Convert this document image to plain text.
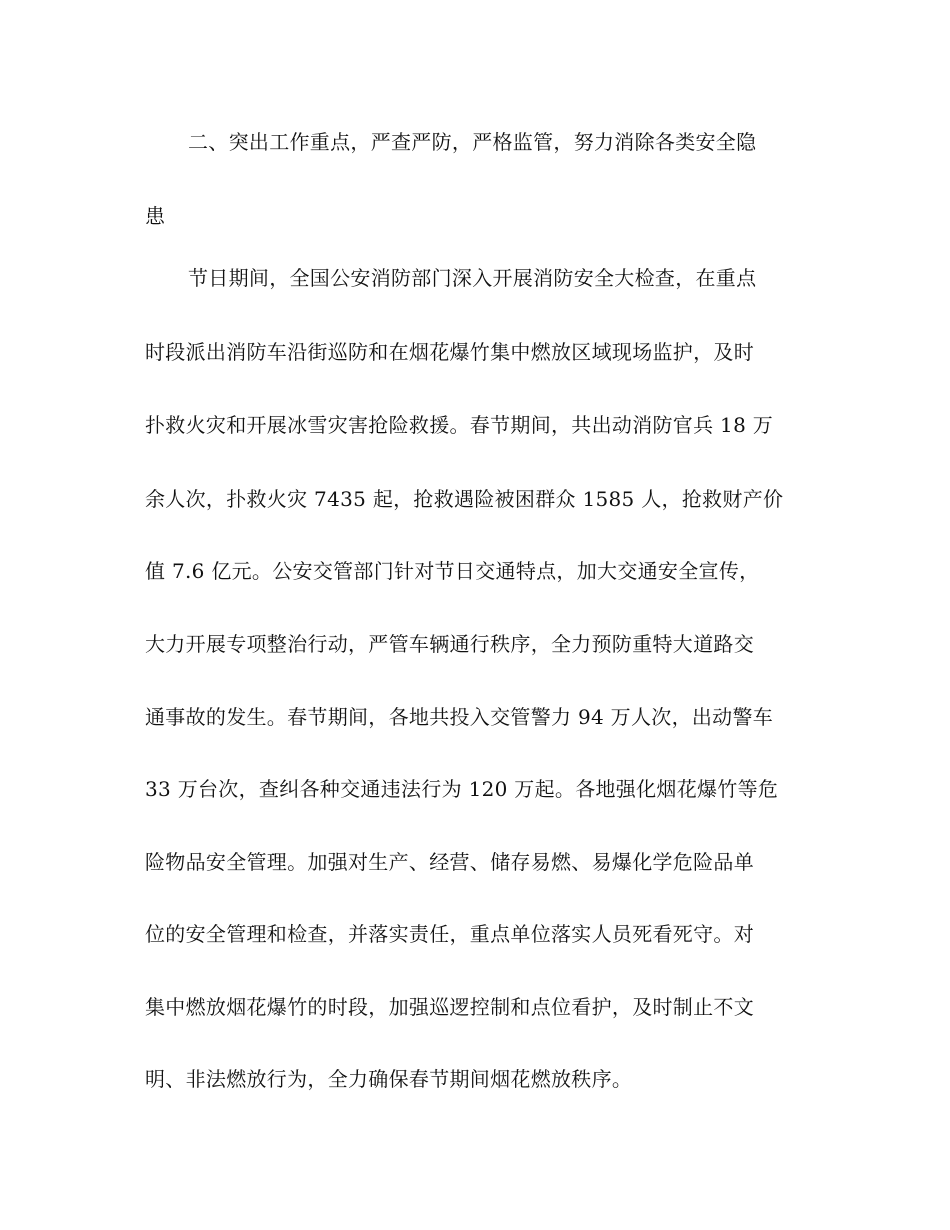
二、突出工作重点，严查严防，严格监管，努力消除各类安全隐

患

节日期间，全国公安消防部门深入开展消防安全大检查，在重点

时段派出消防车沿街巡防和在烟花爆竹集中燃放区域现场监护，及时

扑救火灾和开展冰雪灾害抢险救援。春节期间，共出动消防官兵 18 万

余人次，扑救火灾 7435 起，抢救遇险被困群众 1585 人，抢救财产价

值 7.6 亿元。公安交管部门针对节日交通特点，加大交通安全宣传，

大力开展专项整治行动，严管车辆通行秩序，全力预防重特大道路交

通事故的发生。春节期间，各地共投入交管警力 94 万人次，出动警车

33 万台次，查纠各种交通违法行为 120 万起。各地强化烟花爆竹等危

险物品安全管理。加强对生产、经营、储存易燃、易爆化学危险品单

位的安全管理和检查，并落实责任，重点单位落实人员死看死守。对

集中燃放烟花爆竹的时段，加强巡逻控制和点位看护，及时制止不文

明、非法燃放行为，全力确保春节期间烟花燃放秩序。
